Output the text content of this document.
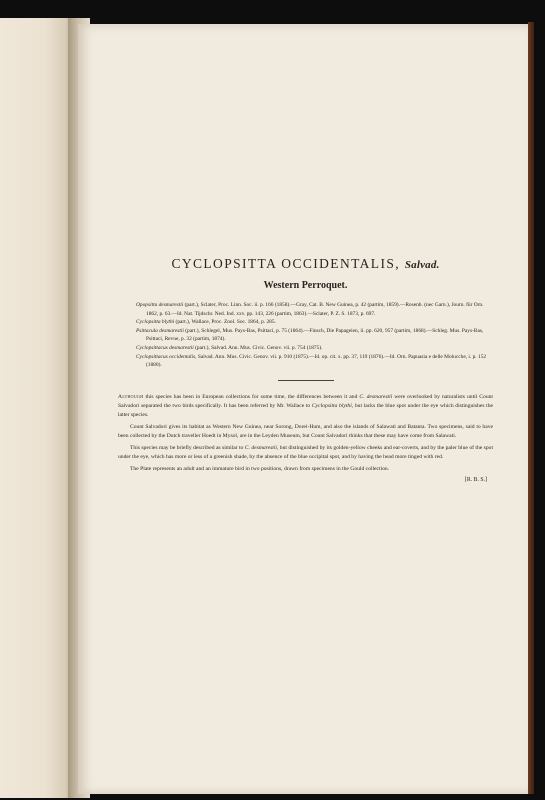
CYCLOPSITTA OCCIDENTALIS, Salvad.
Western Perroquet.
Opopsitta desmarestii (part.), Sclater, Proc. Linn. Soc. ii. p. 166 (1858).—Gray, Cat. B. New Guinea, p. 42 (partim, 1859).—Rosenb. (nec Garn.), Journ. für Orn. 1862, p. 63.—Id. Nat. Tijdschr. Ned. Ind. xxv. pp. 143, 226 (partim, 1863).—Sclater, P. Z. S. 1873, p. 697.
Cyclopsitta blythi (part.), Wallace, Proc. Zool. Soc. 1864, p. 285.
Psittacula desmarestii (part.), Schlegel, Mus. Pays-Bas, Psittaci, p. 75 (1864).—Finsch, Die Papageien, ii. pp. 620, 957 (partim, 1868).—Schleg. Mus. Pays-Bas, Psittaci, Revue, p. 32 (partim, 1874).
Cyclopsittacus desmarestii (part.), Salvad. Ann. Mus. Civic. Genov. vii. p. 754 (1875).
Cyclopsittacus occidentalis, Salvad. Ann. Mus. Civic. Genov. vii. p. 910 (1875).—Id. op. cit. x. pp. 37, 119 (1876).—Id. Orn. Papuasia e delle Molucche, i. p. 152 (1880).

Although this species has been in European collections for some time, the differences between it and C. desmarestii were overlooked by naturalists until Count Salvadori separated the two birds specifically. It has been referred by Mr. Wallace to Cyclopsitta blythi, but lacks the blue spot under the eye which distinguishes the latter species.

Count Salvadori gives its habitat as Western New Guinea, near Sorong, Dorei-Hum, and also the islands of Salawati and Batanta. Two specimens, said to have been collected by the Dutch traveller Hoedt in Mysol, are in the Leyden Museum, but Count Salvadori thinks that these may have come from Salawati.

This species may be briefly described as similar to C. desmarestii, but distinguished by its golden-yellow cheeks and ear-coverts, and by the paler blue of the spot under the eye, which has more or less of a greenish shade, by the absence of the blue occipital spot, and by having the head more tinged with red.

The Plate represents an adult and an immature bird in two positions, drawn from specimens in the Gould collection.

[R. B. S.]
